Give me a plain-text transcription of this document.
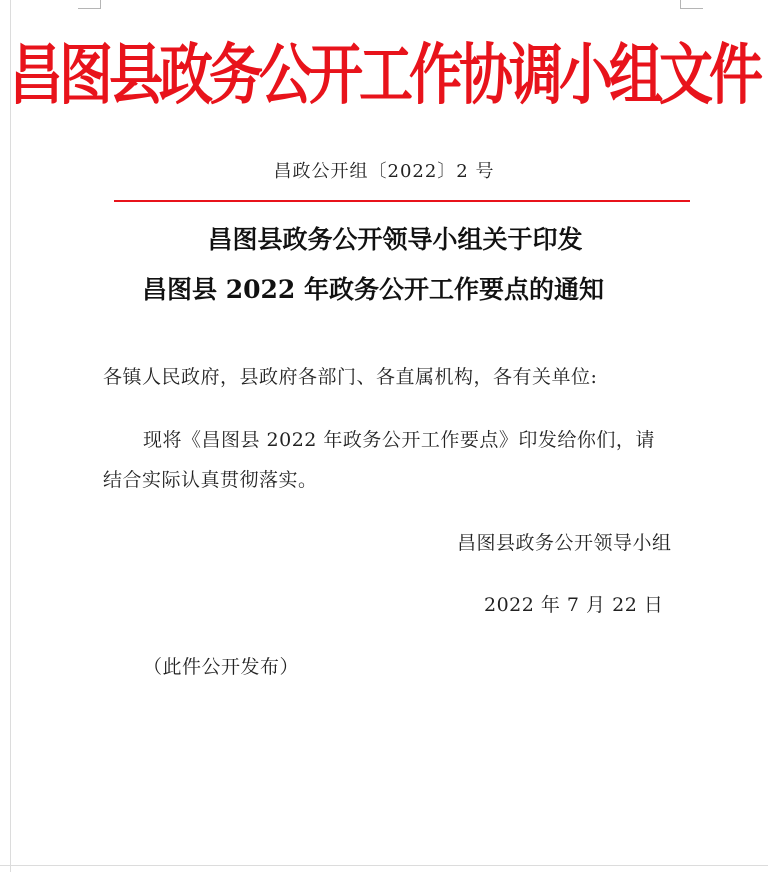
昌图县政务公开工作协调小组文件
昌政公开组〔2022〕2 号
昌图县政务公开领导小组关于印发
昌图县 2022 年政务公开工作要点的通知
各镇人民政府，县政府各部门、各直属机构，各有关单位:
现将《昌图县 2022 年政务公开工作要点》印发给你们，请
结合实际认真贯彻落实。
昌图县政务公开领导小组
2022 年 7 月 22 日
（此件公开发布）
